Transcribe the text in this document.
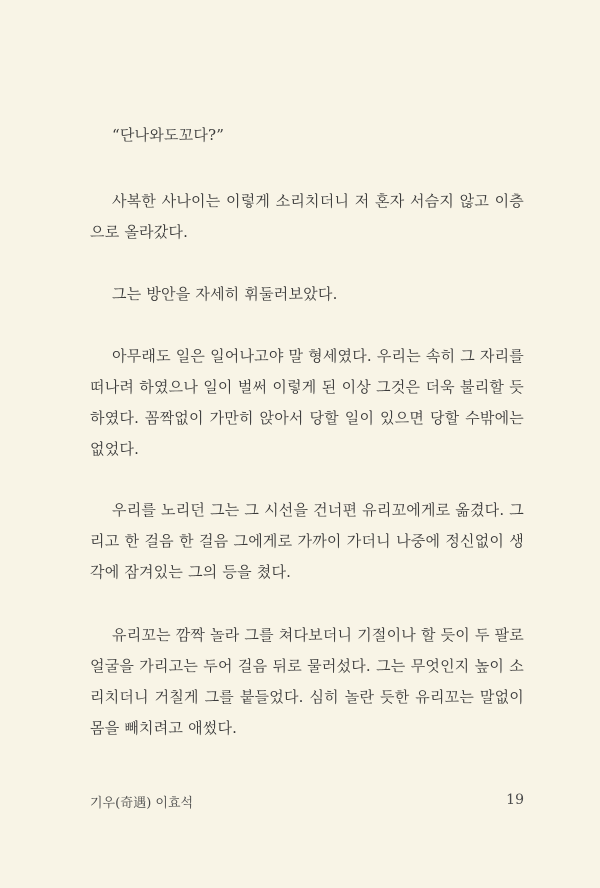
“단나와도꼬다?”

사복한 사나이는 이렇게 소리치더니 저 혼자 서슴지 않고 이층으로 올라갔다.

그는 방안을 자세히 휘둘러보았다.

아무래도 일은 일어나고야 말 형세였다. 우리는 속히 그 자리를 떠나려 하였으나 일이 벌써 이렇게 된 이상 그것은 더욱 불리할 듯하였다. 꼼짝없이 가만히 앉아서 당할 일이 있으면 당할 수밖에는 없었다.

우리를 노리던 그는 그 시선을 건너편 유리꼬에게로 옮겼다. 그리고 한 걸음 한 걸음 그에게로 가까이 가더니 나중에 정신없이 생각에 잠겨있는 그의 등을 쳤다.

유리꼬는 깜짝 놀라 그를 쳐다보더니 기절이나 할 듯이 두 팔로 얼굴을 가리고는 두어 걸음 뒤로 물러섰다. 그는 무엇인지 높이 소리치더니 거칠게 그를 붙들었다. 심히 놀란 듯한 유리꼬는 말없이 몸을 빼치려고 애썼다.

기우(奇遇) 이효석	19
